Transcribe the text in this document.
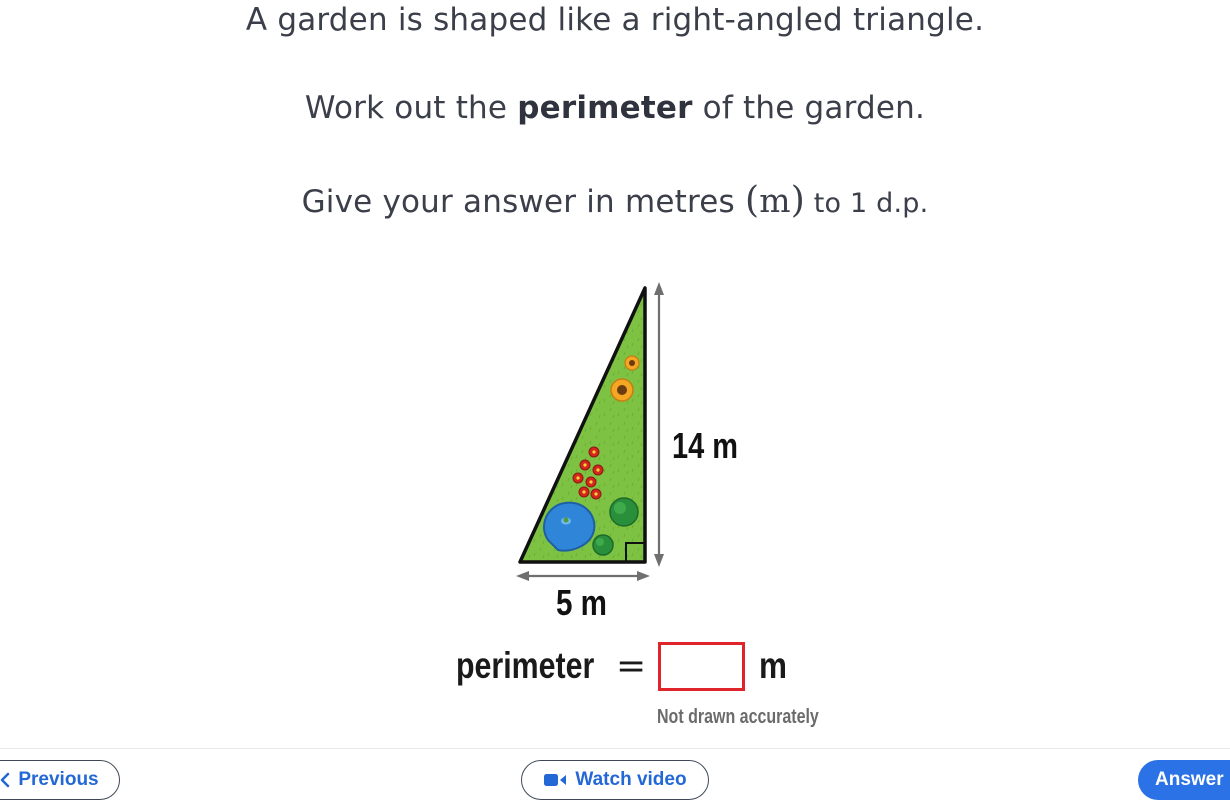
A garden is shaped like a right-angled triangle.
Work out the perimeter of the garden.
Give your answer in metres (m) to 1 d.p.
14 m
5 m
perimeter =	m
Not drawn accurately
Previous	Watch video	Answer
